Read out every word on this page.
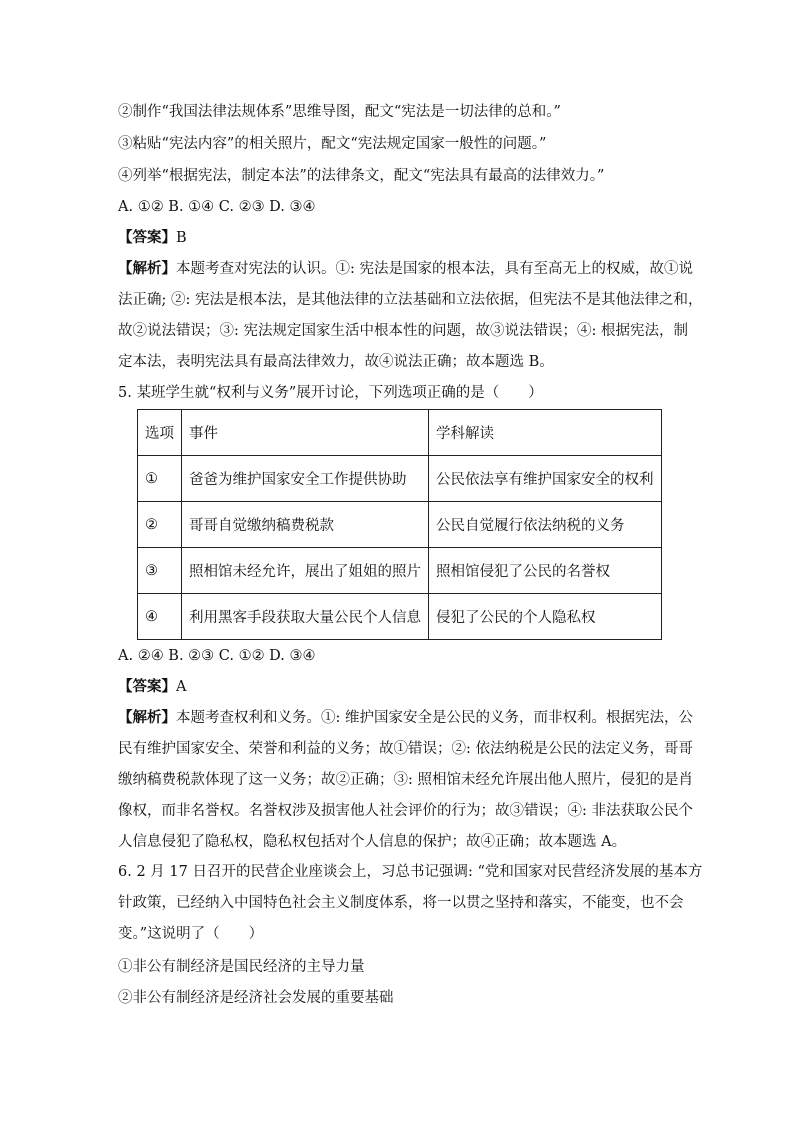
②制作“我国法律法规体系”思维导图，配文“宪法是一切法律的总和。”
③粘贴“宪法内容”的相关照片，配文“宪法规定国家一般性的问题。”
④列举“根据宪法，制定本法”的法律条文，配文“宪法具有最高的法律效力。”
A. ①② B. ①④ C. ②③ D. ③④
【答案】B
【解析】本题考查对宪法的认识。①: 宪法是国家的根本法，具有至高无上的权威，故①说
法正确; ②: 宪法是根本法，是其他法律的立法基础和立法依据，但宪法不是其他法律之和，
故②说法错误；③: 宪法规定国家生活中根本性的问题，故③说法错误；④: 根据宪法，制
定本法，表明宪法具有最高法律效力，故④说法正确；故本题选 B。
5. 某班学生就“权利与义务”展开讨论，下列选项正确的是（　　）
选项	事件	学科解读
①	爸爸为维护国家安全工作提供协助	公民依法享有维护国家安全的权利
②	哥哥自觉缴纳稿费税款	公民自觉履行依法纳税的义务
③	照相馆未经允许，展出了姐姐的照片	照相馆侵犯了公民的名誉权
④	利用黑客手段获取大量公民个人信息	侵犯了公民的个人隐私权
A. ②④ B. ②③ C. ①② D. ③④
【答案】A
【解析】本题考查权利和义务。①: 维护国家安全是公民的义务，而非权利。根据宪法，公
民有维护国家安全、荣誉和利益的义务；故①错误；②: 依法纳税是公民的法定义务，哥哥
缴纳稿费税款体现了这一义务；故②正确；③: 照相馆未经允许展出他人照片，侵犯的是肖
像权，而非名誉权。名誉权涉及损害他人社会评价的行为；故③错误；④: 非法获取公民个
人信息侵犯了隐私权，隐私权包括对个人信息的保护；故④正确；故本题选 A。
6. 2 月 17 日召开的民营企业座谈会上，习总书记强调: “党和国家对民营经济发展的基本方
针政策，已经纳入中国特色社会主义制度体系，将一以贯之坚持和落实，不能变，也不会
变。”这说明了（　　）
①非公有制经济是国民经济的主导力量
②非公有制经济是经济社会发展的重要基础
